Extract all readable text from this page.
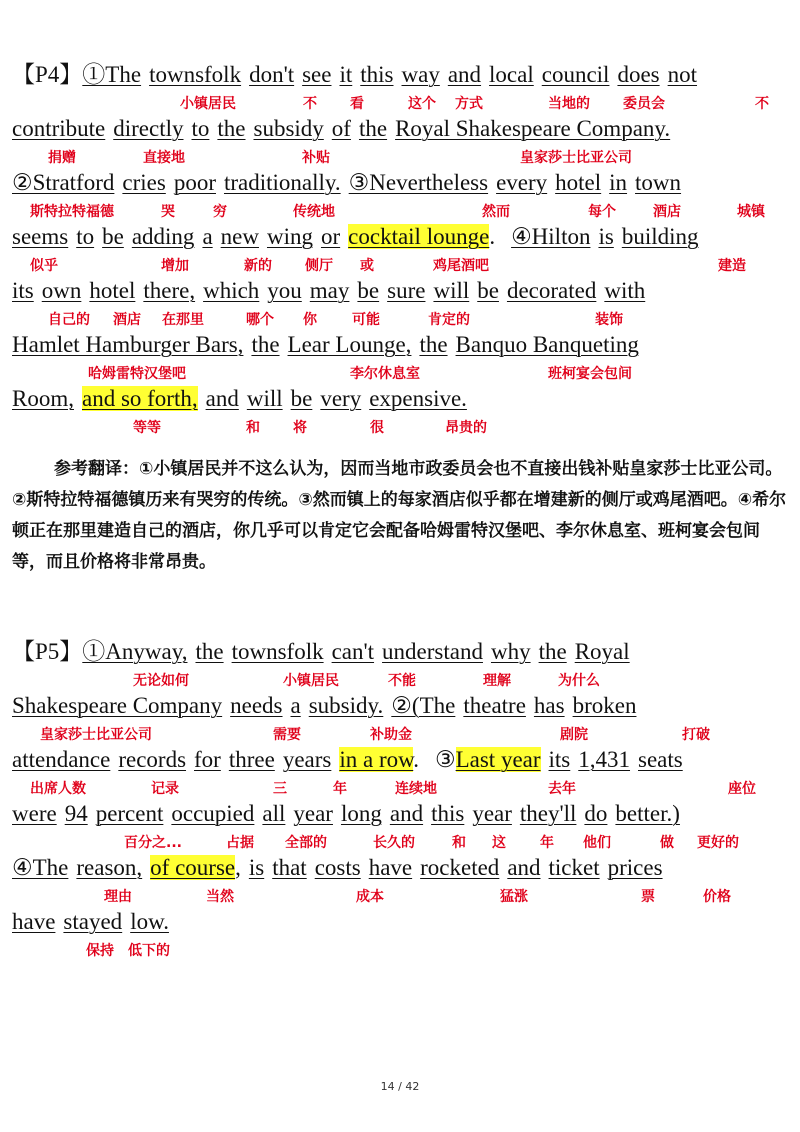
【P4】①The townsfolk don't see it this way and local council does not
小镇居民	不 看	这个 方式	当地的 委员会	不
contribute directly to the subsidy of the Royal Shakespeare Company.
捐赠	直接地	补贴	皇家莎士比亚公司
②Stratford cries poor traditionally. ③Nevertheless every hotel in town
斯特拉特福德	哭	穷	传统地	然而	每个	酒店	城镇
seems to be adding a new wing or cocktail lounge. ④Hilton is building
似乎	增加	新的 侧厅 或	鸡尾酒吧	建造
its own hotel there, which you may be sure will be decorated with
自己的 酒店 在那里	哪个 你	可能	肯定的	装饰
Hamlet Hamburger Bars, the Lear Lounge, the Banquo Banqueting
哈姆雷特汉堡吧	李尔休息室	班柯宴会包间
Room, and so forth, and will be very expensive.
等等	和 将	很	昂贵的
参考翻译：①小镇居民并不这么认为，因而当地市政委员会也不直接出钱补贴皇家莎士比亚公司。②斯特拉特福德镇历来有哭穷的传统。③然而镇上的每家酒店似乎都在增建新的侧厅或鸡尾酒吧。④希尔顿正在那里建造自己的酒店，你几乎可以肯定它会配备哈姆雷特汉堡吧、李尔休息室、班柯宴会包间等，而且价格将非常昂贵。
【P5】①Anyway, the townsfolk can't understand why the Royal
无论如何	小镇居民	不能	理解	为什么
Shakespeare Company needs a subsidy. ②(The theatre has broken
皇家莎士比亚公司	需要	补助金	剧院	打破
attendance records for three years in a row. ③Last year its 1,431 seats
出席人数	记录	三	年	连续地	去年	座位
were 94 percent occupied all year long and this year they'll do better.)
百分之...	占据 全部的	长久的	和 这 年 他们	做 更好的
④The reason, of course, is that costs have rocketed and ticket prices
理由	当然	成本	猛涨	票	价格
have stayed low.
保持 低下的
14 / 42
